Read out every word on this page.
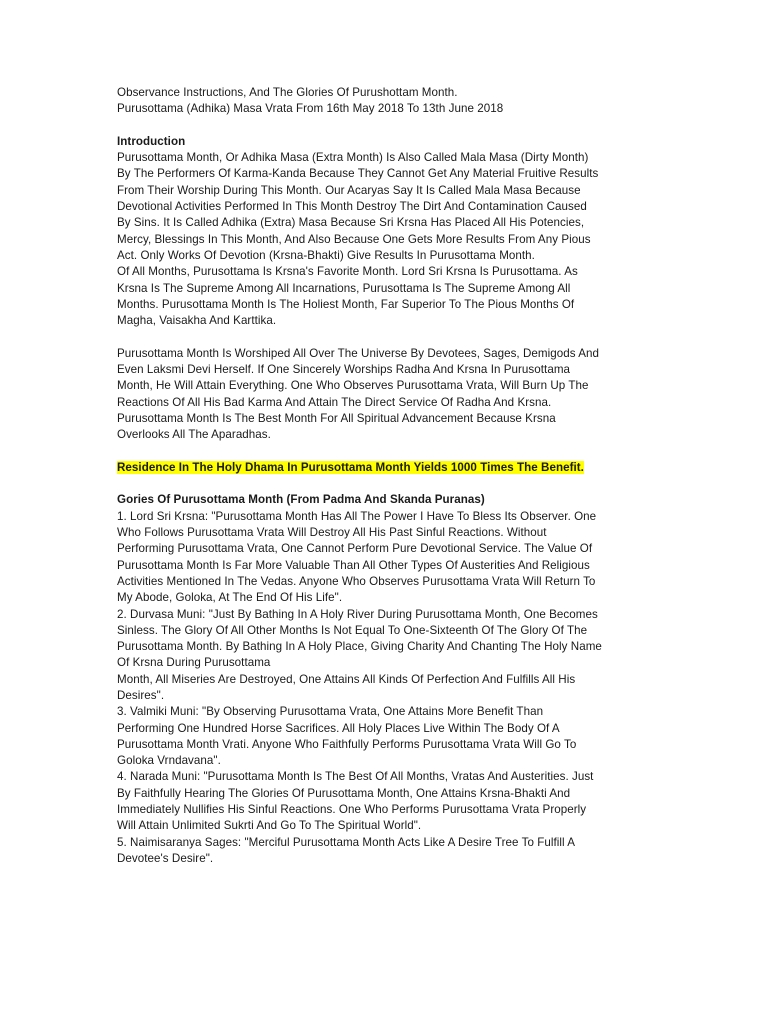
Observance Instructions, And The Glories Of Purushottam Month.
Purusottama (Adhika) Masa Vrata From 16th May 2018 To 13th June 2018
Introduction
Purusottama Month, Or Adhika Masa (Extra Month) Is Also Called Mala Masa (Dirty Month)
By The Performers Of Karma-Kanda Because They Cannot Get Any Material Fruitive Results
From Their Worship During This Month. Our Acaryas Say It Is Called Mala Masa Because
Devotional Activities Performed In This Month Destroy The Dirt And Contamination Caused
By Sins. It Is Called Adhika (Extra) Masa Because Sri Krsna Has Placed All His Potencies,
Mercy, Blessings In This Month, And Also Because One Gets More Results From Any Pious
Act. Only Works Of Devotion (Krsna-Bhakti) Give Results In Purusottama Month.
Of All Months, Purusottama Is Krsna's Favorite Month. Lord Sri Krsna Is Purusottama. As
Krsna Is The Supreme Among All Incarnations, Purusottama Is The Supreme Among All
Months. Purusottama Month Is The Holiest Month, Far Superior To The Pious Months Of
Magha, Vaisakha And Karttika.
Purusottama Month Is Worshiped All Over The Universe By Devotees, Sages, Demigods And
Even Laksmi Devi Herself. If One Sincerely Worships Radha And Krsna In Purusottama
Month, He Will Attain Everything. One Who Observes Purusottama Vrata, Will Burn Up The
Reactions Of All His Bad Karma And Attain The Direct Service Of Radha And Krsna.
Purusottama Month Is The Best Month For All Spiritual Advancement Because Krsna
Overlooks All The Aparadhas.
Residence In The Holy Dhama In Purusottama Month Yields 1000 Times The Benefit.
Gories Of Purusottama Month (From Padma And Skanda Puranas)
1. Lord Sri Krsna: "Purusottama Month Has All The Power I Have To Bless Its Observer. One
Who Follows Purusottama Vrata Will Destroy All His Past Sinful Reactions. Without
Performing Purusottama Vrata, One Cannot Perform Pure Devotional Service. The Value Of
Purusottama Month Is Far More Valuable Than All Other Types Of Austerities And Religious
Activities Mentioned In The Vedas. Anyone Who Observes Purusottama Vrata Will Return To
My Abode, Goloka, At The End Of His Life".
2. Durvasa Muni: "Just By Bathing In A Holy River During Purusottama Month, One Becomes
Sinless. The Glory Of All Other Months Is Not Equal To One-Sixteenth Of The Glory Of The
Purusottama Month. By Bathing In A Holy Place, Giving Charity And Chanting The Holy Name
Of Krsna During Purusottama
Month, All Miseries Are Destroyed, One Attains All Kinds Of Perfection And Fulfills All His
Desires".
3. Valmiki Muni: "By Observing Purusottama Vrata, One Attains More Benefit Than
Performing One Hundred Horse Sacrifices. All Holy Places Live Within The Body Of A
Purusottama Month Vrati. Anyone Who Faithfully Performs Purusottama Vrata Will Go To
Goloka Vrndavana".
4. Narada Muni: "Purusottama Month Is The Best Of All Months, Vratas And Austerities. Just
By Faithfully Hearing The Glories Of Purusottama Month, One Attains Krsna-Bhakti And
Immediately Nullifies His Sinful Reactions. One Who Performs Purusottama Vrata Properly
Will Attain Unlimited Sukrti And Go To The Spiritual World".
5. Naimisaranya Sages: "Merciful Purusottama Month Acts Like A Desire Tree To Fulfill A
Devotee's Desire".
